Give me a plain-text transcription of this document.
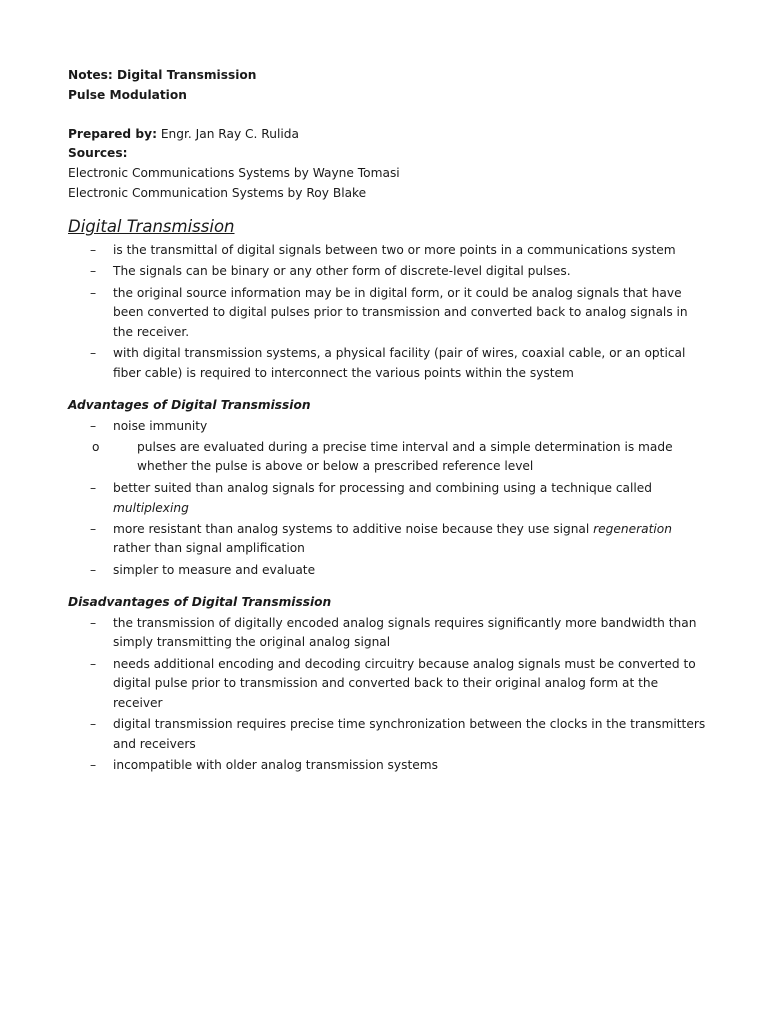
Notes: Digital Transmission
Pulse Modulation
Prepared by: Engr. Jan Ray C. Rulida
Sources:
Electronic Communications Systems by Wayne Tomasi
Electronic Communication Systems by Roy Blake
Digital Transmission
– is the transmittal of digital signals between two or more points in a communications system
– The signals can be binary or any other form of discrete-level digital pulses.
– the original source information may be in digital form, or it could be analog signals that have been converted to digital pulses prior to transmission and converted back to analog signals in the receiver.
– with digital transmission systems, a physical facility (pair of wires, coaxial cable, or an optical fiber cable) is required to interconnect the various points within the system
Advantages of Digital Transmission
– noise immunity
o	pulses are evaluated during a precise time interval and a simple determination is made whether the pulse is above or below a prescribed reference level
– better suited than analog signals for processing and combining using a technique called multiplexing
– more resistant than analog systems to additive noise because they use signal regeneration rather than signal amplification
– simpler to measure and evaluate
Disadvantages of Digital Transmission
– the transmission of digitally encoded analog signals requires significantly more bandwidth than simply transmitting the original analog signal
– needs additional encoding and decoding circuitry because analog signals must be converted to digital pulse prior to transmission and converted back to their original analog form at the receiver
– digital transmission requires precise time synchronization between the clocks in the transmitters and receivers
– incompatible with older analog transmission systems
